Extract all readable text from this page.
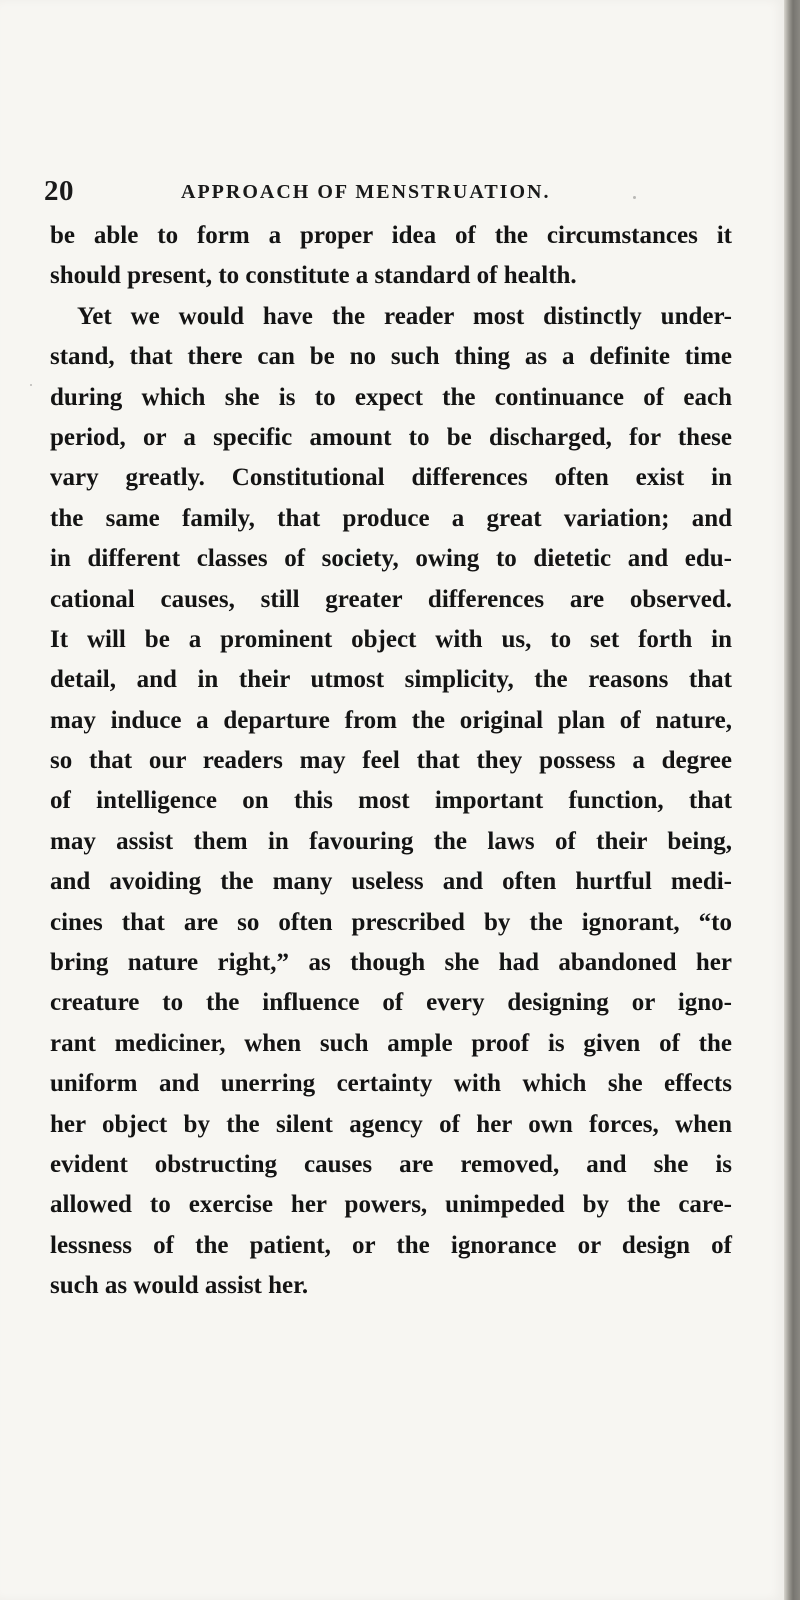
20	APPROACH OF MENSTRUATION.

be able to form a proper idea of the circumstances it
should present, to constitute a standard of health.
Yet we would have the reader most distinctly under-
stand, that there can be no such thing as a definite time
during which she is to expect the continuance of each
period, or a specific amount to be discharged, for these
vary greatly. Constitutional differences often exist in
the same family, that produce a great variation; and
in different classes of society, owing to dietetic and edu-
cational causes, still greater differences are observed.
It will be a prominent object with us, to set forth in
detail, and in their utmost simplicity, the reasons that
may induce a departure from the original plan of nature,
so that our readers may feel that they possess a degree
of intelligence on this most important function, that
may assist them in favouring the laws of their being,
and avoiding the many useless and often hurtful medi-
cines that are so often prescribed by the ignorant, “to
bring nature right,” as though she had abandoned her
creature to the influence of every designing or igno-
rant mediciner, when such ample proof is given of the
uniform and unerring certainty with which she effects
her object by the silent agency of her own forces, when
evident obstructing causes are removed, and she is
allowed to exercise her powers, unimpeded by the care-
lessness of the patient, or the ignorance or design of
such as would assist her.
